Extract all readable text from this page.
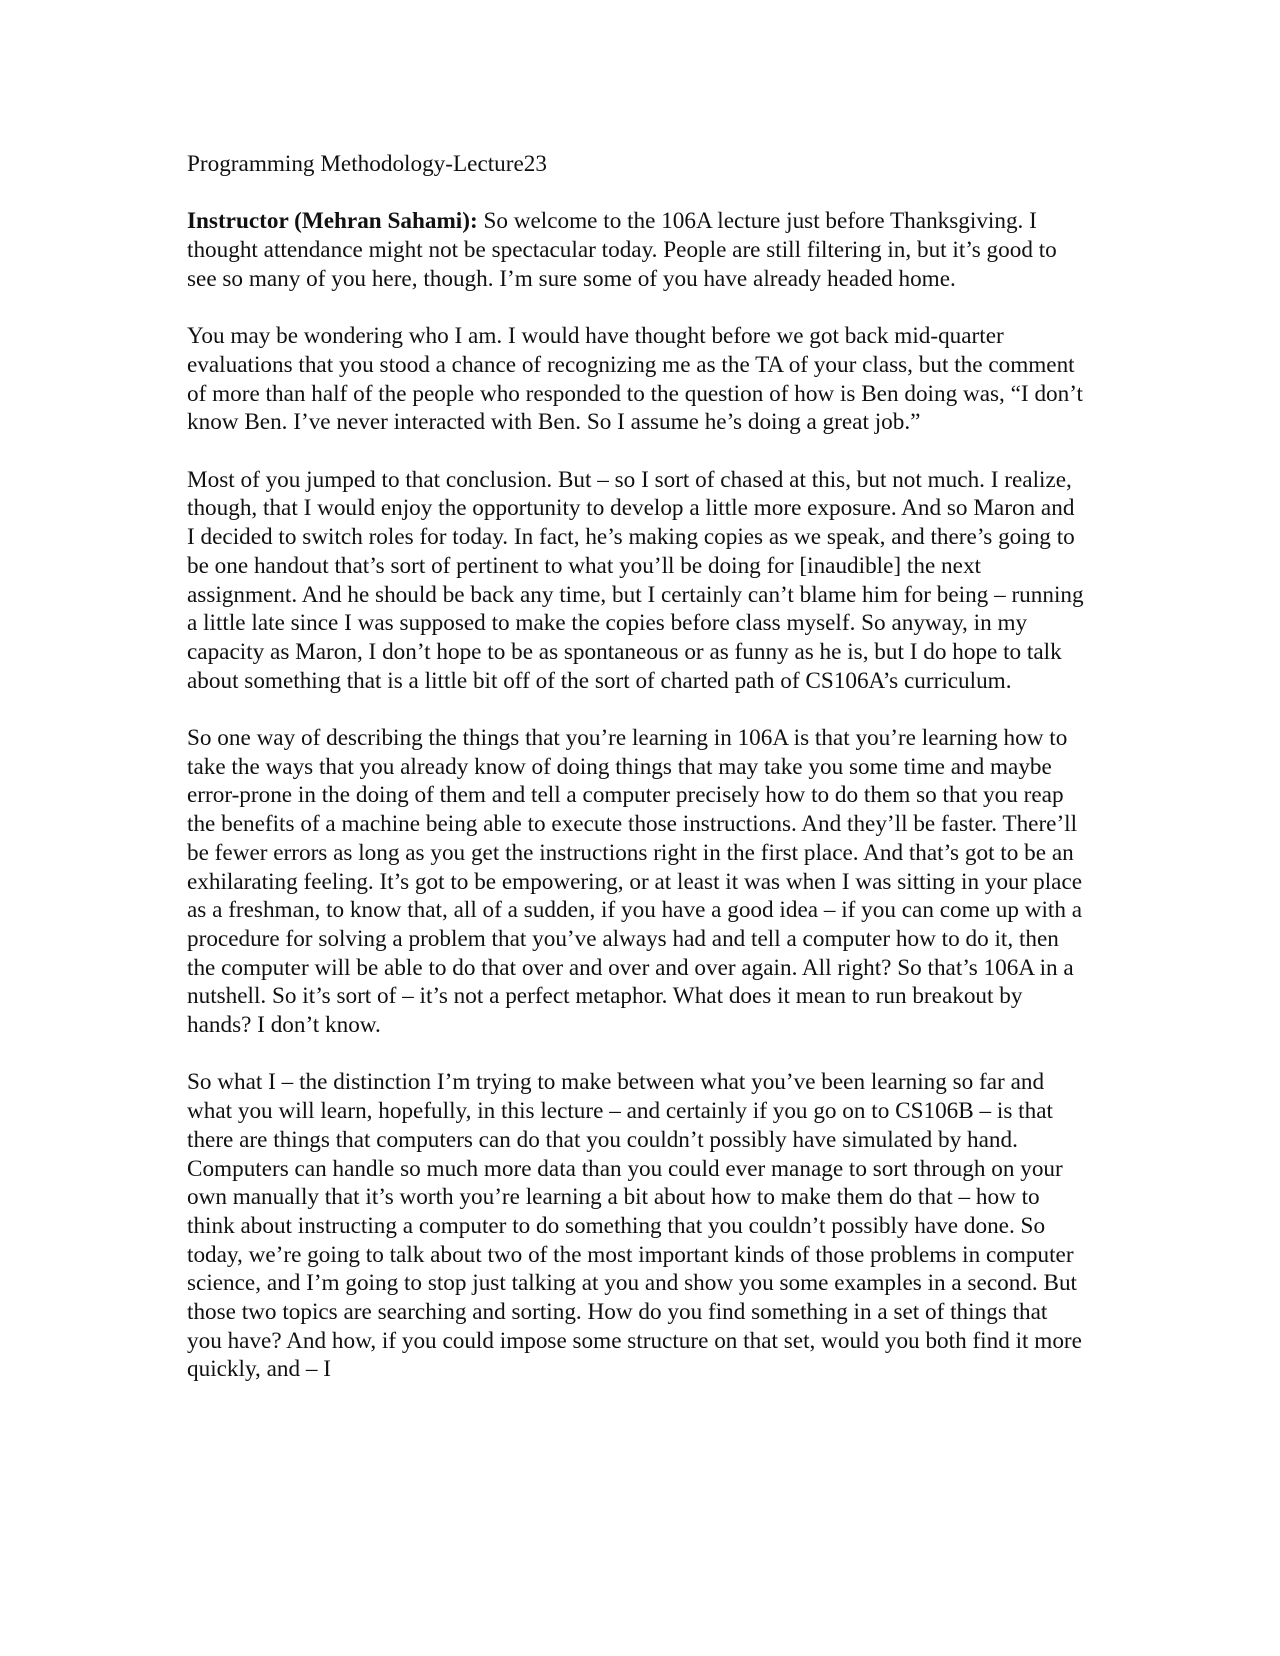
Programming Methodology-Lecture23

Instructor (Mehran Sahami): So welcome to the 106A lecture just before Thanksgiving. I thought attendance might not be spectacular today. People are still filtering in, but it’s good to see so many of you here, though. I’m sure some of you have already headed home.

You may be wondering who I am. I would have thought before we got back mid-quarter evaluations that you stood a chance of recognizing me as the TA of your class, but the comment of more than half of the people who responded to the question of how is Ben doing was, “I don’t know Ben. I’ve never interacted with Ben. So I assume he’s doing a great job.”

Most of you jumped to that conclusion. But – so I sort of chased at this, but not much. I realize, though, that I would enjoy the opportunity to develop a little more exposure. And so Maron and I decided to switch roles for today. In fact, he’s making copies as we speak, and there’s going to be one handout that’s sort of pertinent to what you’ll be doing for [inaudible] the next assignment. And he should be back any time, but I certainly can’t blame him for being – running a little late since I was supposed to make the copies before class myself. So anyway, in my capacity as Maron, I don’t hope to be as spontaneous or as funny as he is, but I do hope to talk about something that is a little bit off of the sort of charted path of CS106A’s curriculum.

So one way of describing the things that you’re learning in 106A is that you’re learning how to take the ways that you already know of doing things that may take you some time and maybe error-prone in the doing of them and tell a computer precisely how to do them so that you reap the benefits of a machine being able to execute those instructions. And they’ll be faster. There’ll be fewer errors as long as you get the instructions right in the first place. And that’s got to be an exhilarating feeling. It’s got to be empowering, or at least it was when I was sitting in your place as a freshman, to know that, all of a sudden, if you have a good idea – if you can come up with a procedure for solving a problem that you’ve always had and tell a computer how to do it, then the computer will be able to do that over and over and over again. All right? So that’s 106A in a nutshell. So it’s sort of – it’s not a perfect metaphor. What does it mean to run breakout by hands? I don’t know.

So what I – the distinction I’m trying to make between what you’ve been learning so far and what you will learn, hopefully, in this lecture – and certainly if you go on to CS106B – is that there are things that computers can do that you couldn’t possibly have simulated by hand. Computers can handle so much more data than you could ever manage to sort through on your own manually that it’s worth you’re learning a bit about how to make them do that – how to think about instructing a computer to do something that you couldn’t possibly have done. So today, we’re going to talk about two of the most important kinds of those problems in computer science, and I’m going to stop just talking at you and show you some examples in a second. But those two topics are searching and sorting. How do you find something in a set of things that you have? And how, if you could impose some structure on that set, would you both find it more quickly, and – I
